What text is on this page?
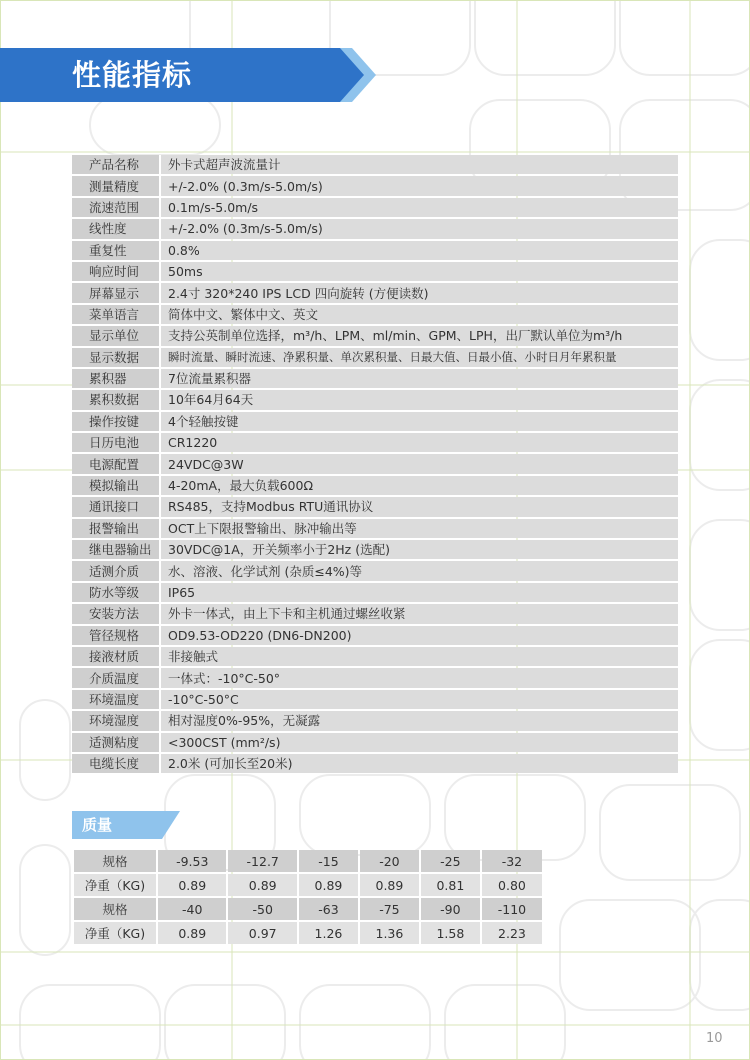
性能指标
产品名称	外卡式超声波流量计
测量精度	+/-2.0% (0.3m/s-5.0m/s)
流速范围	0.1m/s-5.0m/s
线性度	+/-2.0% (0.3m/s-5.0m/s)
重复性	0.8%
响应时间	50ms
屏幕显示	2.4寸 320*240 IPS LCD 四向旋转 (方便读数)
菜单语言	简体中文、繁体中文、英文
显示单位	支持公英制单位选择，m³/h、LPM、ml/min、GPM、LPH，出厂默认单位为m³/h
显示数据	瞬时流量、瞬时流速、净累积量、单次累积量、日最大值、日最小值、小时日月年累积量
累积器	7位流量累积器
累积数据	10年64月64天
操作按键	4个轻触按键
日历电池	CR1220
电源配置	24VDC@3W
模拟输出	4-20mA，最大负载600Ω
通讯接口	RS485，支持Modbus RTU通讯协议
报警输出	OCT上下限报警输出、脉冲输出等
继电器输出	30VDC@1A，开关频率小于2Hz (选配)
适测介质	水、溶液、化学试剂 (杂质≤4%)等
防水等级	IP65
安装方法	外卡一体式，由上下卡和主机通过螺丝收紧
管径规格	OD9.53-OD220 (DN6-DN200)
接液材质	非接触式
介质温度	一体式：-10°C-50°
环境温度	-10°C-50°C
环境湿度	相对湿度0%-95%，无凝露
适测粘度	<300CST (mm²/s)
电缆长度	2.0米 (可加长至20米)
质量
规格	-9.53	-12.7	-15	-20	-25	-32
净重（KG)	0.89	0.89	0.89	0.89	0.81	0.80
规格	-40	-50	-63	-75	-90	-110
净重（KG)	0.89	0.97	1.26	1.36	1.58	2.23
10
